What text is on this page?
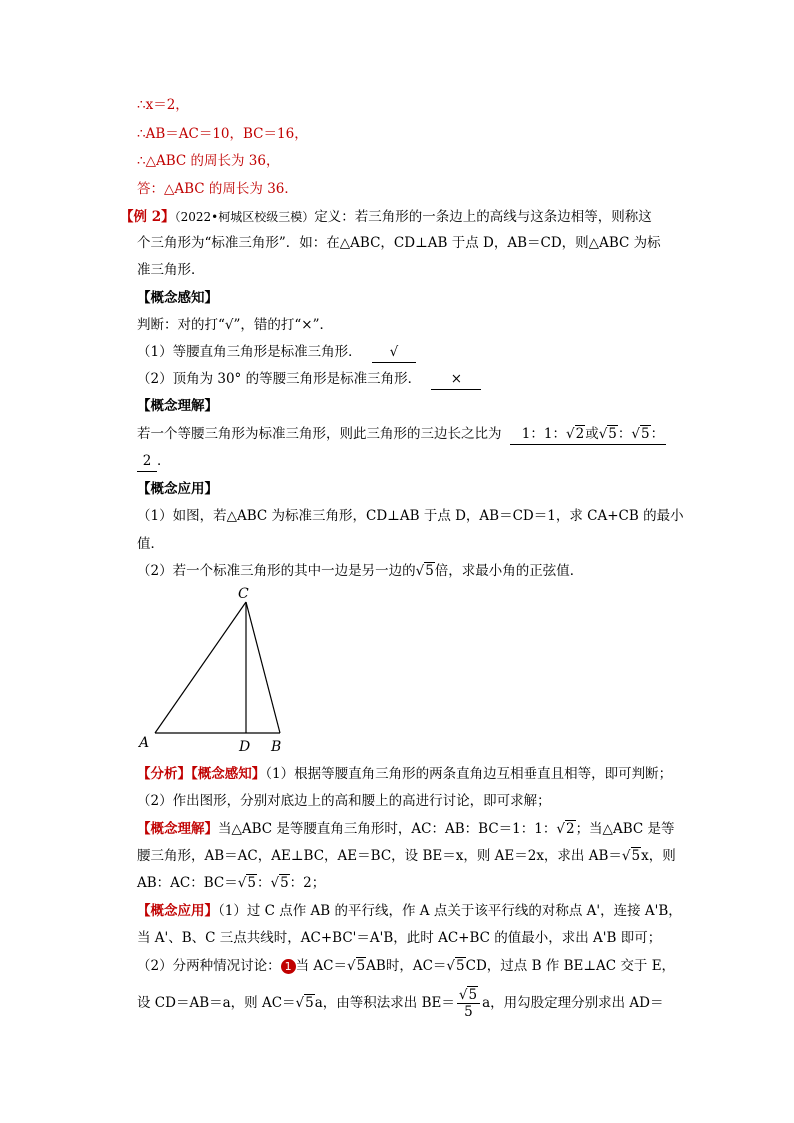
∴x＝2，
∴AB＝AC＝10，BC＝16，
∴△ABC 的周长为 36，
答：△ABC 的周长为 36．
【例 2】（2022•柯城区校级三模）定义：若三角形的一条边上的高线与这条边相等，则称这
个三角形为“标准三角形”．如：在△ABC，CD⊥AB 于点 D，AB＝CD，则△ABC 为标
准三角形．
【概念感知】
判断：对的打“√”，错的打“×”．
（1）等腰直角三角形是标准三角形． √
（2）顶角为 30° 的等腰三角形是标准三角形． ×
【概念理解】
若一个等腰三角形为标准三角形，则此三角形的三边长之比为 1：1：√2或√5：√5：
2 ．
【概念应用】
（1）如图，若△ABC 为标准三角形，CD⊥AB 于点 D，AB＝CD＝1，求 CA+CB 的最小
值．
（2）若一个标准三角形的其中一边是另一边的√5倍，求最小角的正弦值．
C
A	D B
【分析】【概念感知】（1）根据等腰直角三角形的两条直角边互相垂直且相等，即可判断；
（2）作出图形，分别对底边上的高和腰上的高进行讨论，即可求解；
【概念理解】当△ABC 是等腰直角三角形时，AC：AB：BC＝1：1：√2；当△ABC 是等
腰三角形，AB＝AC，AE⊥BC，AE＝BC，设 BE＝x，则 AE＝2x，求出 AB＝√5x，则
AB：AC：BC＝√5：√5：2；
【概念应用】（1）过 C 点作 AB 的平行线，作 A 点关于该平行线的对称点 A'，连接 A'B，
当 A'、B、C 三点共线时，AC+BC'＝A'B，此时 AC+BC 的值最小，求出 A'B 即可；
（2）分两种情况讨论： 1 当 AC＝√5AB时，AC＝√5CD，过点 B 作 BE⊥AC 交于 E，
设 CD＝AB＝a，则 AC＝√5a，由等积法求出 $BE= \frac{√5}{5}$ a，用勾股定理分别求出 AD＝
